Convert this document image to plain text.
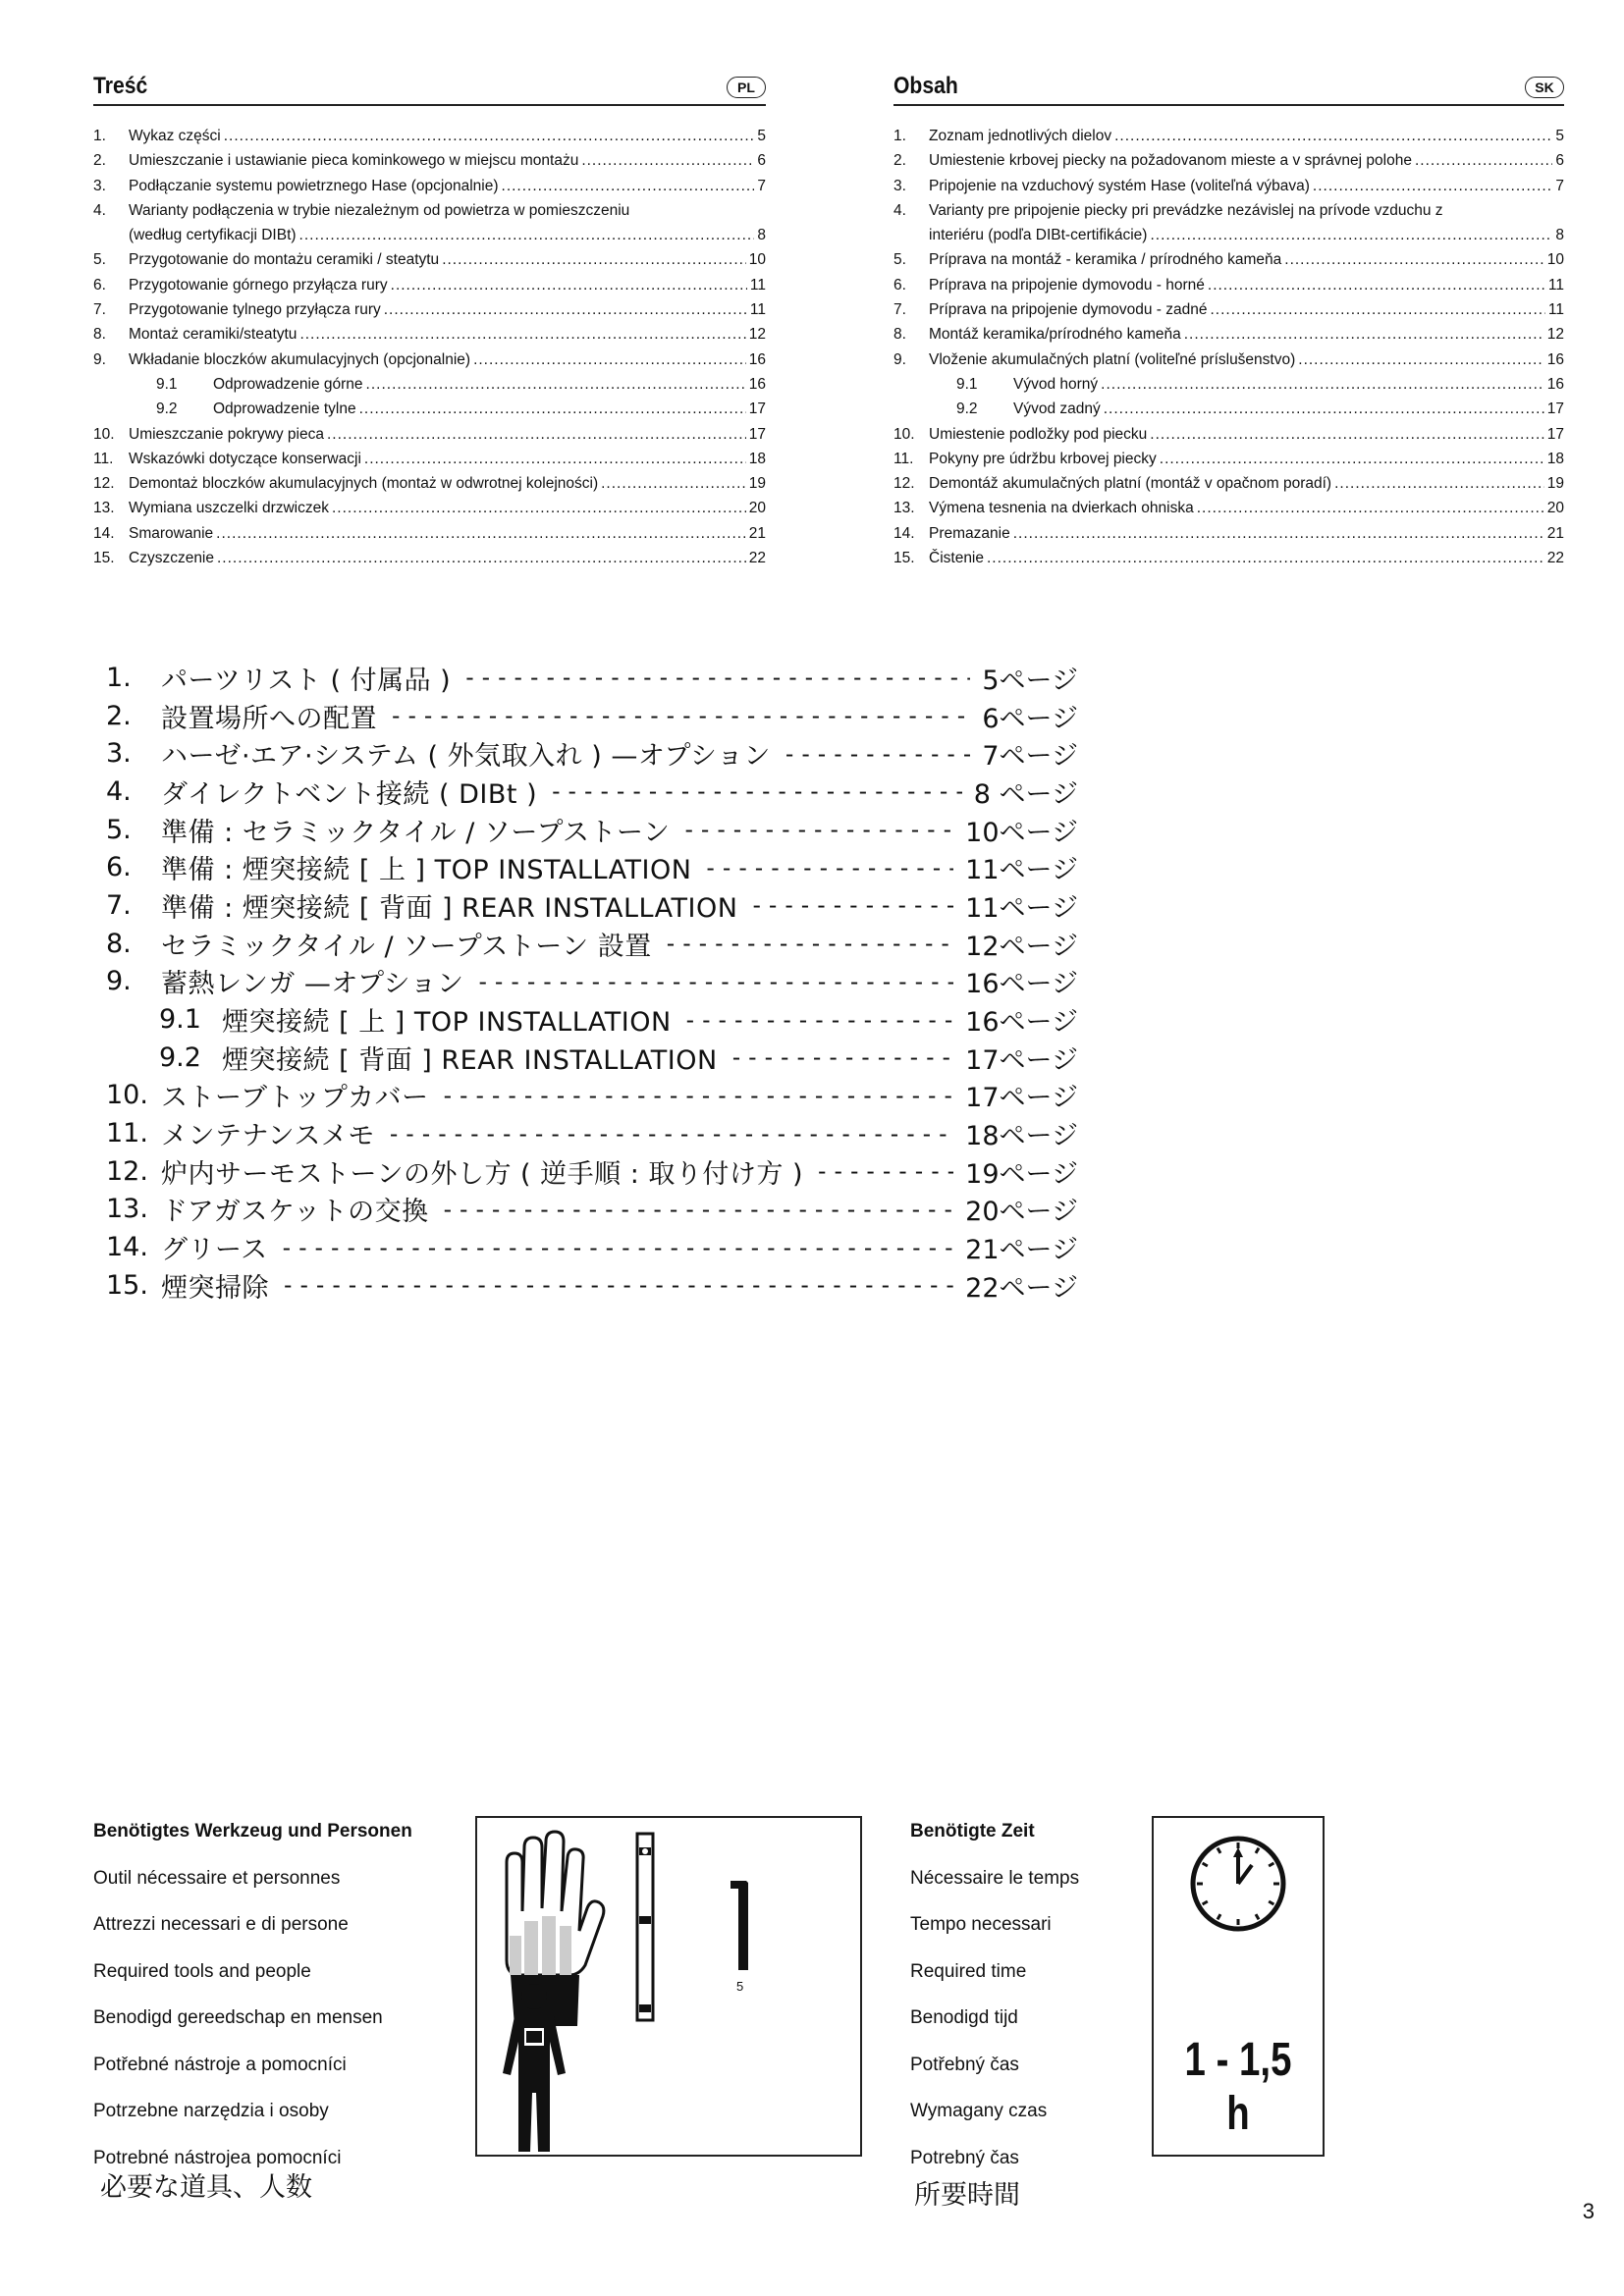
Treść	PL
1.	Wykaz części .....	5
2.	Umieszczanie i ustawianie pieca kominkowego w miejscu montażu .....	6
3.	Podłączanie systemu powietrznego Hase (opcjonalnie) .....	7
4.	Warianty podłączenia w trybie niezależnym od powietrza w pomieszczeniu
(według certyfikacji DIBt) .....	8
5.	Przygotowanie do montażu ceramiki / steatytu .....	10
6.	Przygotowanie górnego przyłącza rury .....	11
7.	Przygotowanie tylnego przyłącza rury .....	11
8.	Montaż ceramiki/steatytu .....	12
9.	Wkładanie bloczków akumulacyjnych (opcjonalnie) .....	16
9.1	Odprowadzenie górne .....	16
9.2	Odprowadzenie tylne .....	17
10. Umieszczanie pokrywy pieca .....	17
11.	Wskazówki dotyczące konserwacji .....	18
12. Demontaż bloczków akumulacyjnych (montaż w odwrotnej kolejności) .....	19
13. Wymiana uszczelki drzwiczek .....	20
14. Smarowanie .....	21
15. Czyszczenie .....	22
Obsah	SK
1.	Zoznam jednotlivých dielov .....	5
2.	Umiestenie krbovej piecky na požadovanom mieste a v správnej polohe .....	6
3.	Pripojenie na vzduchový systém Hase (voliteľná výbava) .....	7
4.	Varianty pre pripojenie piecky pri prevádzke nezávislej na prívode vzduchu z
interiéru (podľa DIBt-certifikácie) .....	8
5.	Príprava na montáž - keramika / prírodného kameňa .....	10
6.	Príprava na pripojenie dymovodu - horné .....	11
7.	Príprava na pripojenie dymovodu - zadné .....	11
8.	Montáž keramika/prírodného kameňa .....	12
9.	Vloženie akumulačných platní (voliteľné príslušenstvo) .....	16
9.1	Vývod horný .....	16
9.2	Vývod zadný .....	17
10. Umiestenie podložky pod piecku .....	17
11.	Pokyny pre údržbu krbovej piecky .....	18
12. Demontáž akumulačných platní (montáž v opačnom poradí) .....	19
13. Výmena tesnenia na dvierkach ohniska .....	20
14. Premazanie .....	21
15. Čistenie .....	22
1.	パーツリスト ( 付属品 ) -----	5ページ
2.	設置場所への配置 -----	6ページ
3.	ハーゼ·エア·システム ( 外気取入れ ) —オプション -----	7ページ
4.	ダイレクトベント接続 ( DIBt ) -----	8 ページ
5.	準備 : セラミックタイル / ソープストーン -----	10ページ
6.	準備 : 煙突接続 [ 上 ] TOP INSTALLATION -----	11ページ
7.	準備 : 煙突接続 [ 背面 ] REAR INSTALLATION -----	11ページ
8.	セラミックタイル / ソープストーン 設置 -----	12ページ
9.	蓄熱レンガ —オプション -----	16ページ
9.1 煙突接続 [ 上 ] TOP INSTALLATION -----	16ページ
9.2 煙突接続 [ 背面 ] REAR INSTALLATION -----	17ページ
10. ストーブトップカバー -----	17ページ
11. メンテナンスメモ -----	18ページ
12. 炉内サーモストーンの外し方 ( 逆手順 : 取り付け方 ) -----	19ページ
13. ドアガスケットの交換 -----	20ページ
14. グリース -----	21ページ
15. 煙突掃除 -----	22ページ
Benötigtes Werkzeug und Personen
Outil nécessaire et personnes
Attrezzi necessari e di persone
Required tools and people
Benodigd gereedschap en mensen
Potřebné nástroje a pomocníci
Potrzebne narzędzia i osoby
Potrebné nástrojea pomocníci
必要な道具、人数
5
Benötigte Zeit
Nécessaire le temps
Tempo necessari
Required time
Benodigd tijd
Potřebný čas
Wymagany czas
Potrebný čas
所要時間
1 - 1,5 h
3
